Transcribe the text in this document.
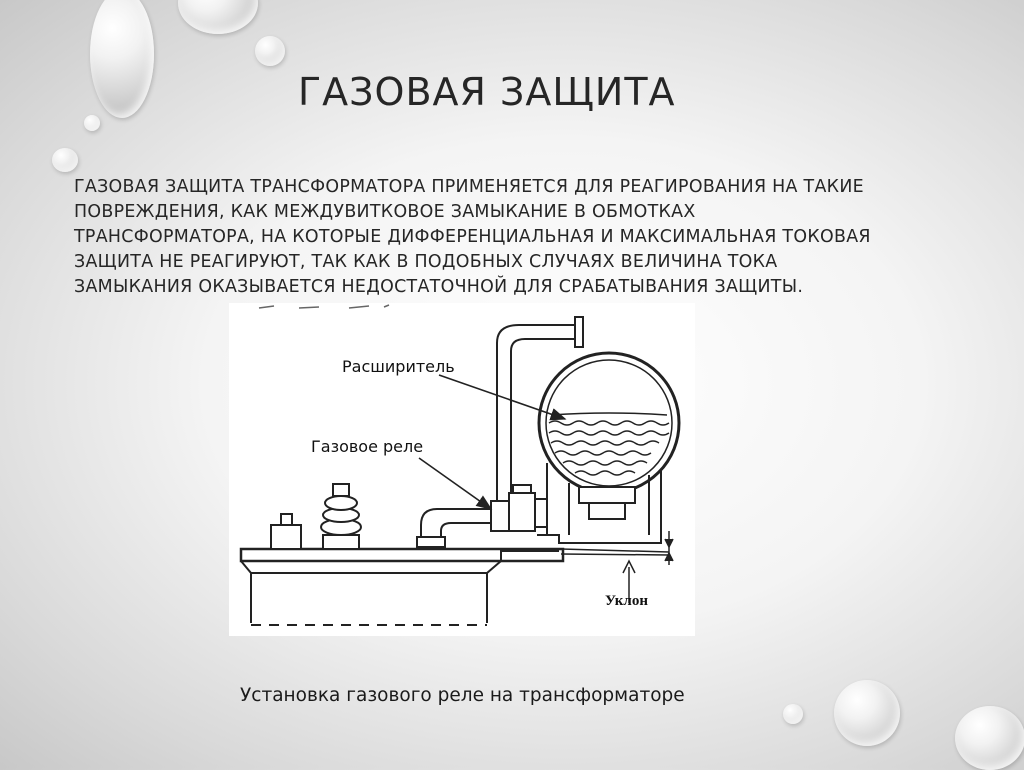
ГАЗОВАЯ ЗАЩИТА
ГАЗОВАЯ ЗАЩИТА ТРАНСФОРМАТОРА ПРИМЕНЯЕТСЯ ДЛЯ РЕАГИРОВАНИЯ НА ТАКИЕ ПОВРЕЖДЕНИЯ, КАК МЕЖДУВИТКОВОЕ ЗАМЫКАНИЕ В ОБМОТКАХ ТРАНСФОРМАТОРА, НА КОТОРЫЕ ДИФФЕРЕНЦИАЛЬНАЯ И МАКСИМАЛЬНАЯ ТОКОВАЯ ЗАЩИТА НЕ РЕАГИРУЮТ, ТАК КАК В ПОДОБНЫХ СЛУЧАЯХ ВЕЛИЧИНА ТОКА ЗАМЫКАНИЯ ОКАЗЫВАЕТСЯ НЕДОСТАТОЧНОЙ ДЛЯ СРАБАТЫВАНИЯ ЗАЩИТЫ.
Расширитель
Газовое реле
Уклон
Установка газового реле на трансформаторе
